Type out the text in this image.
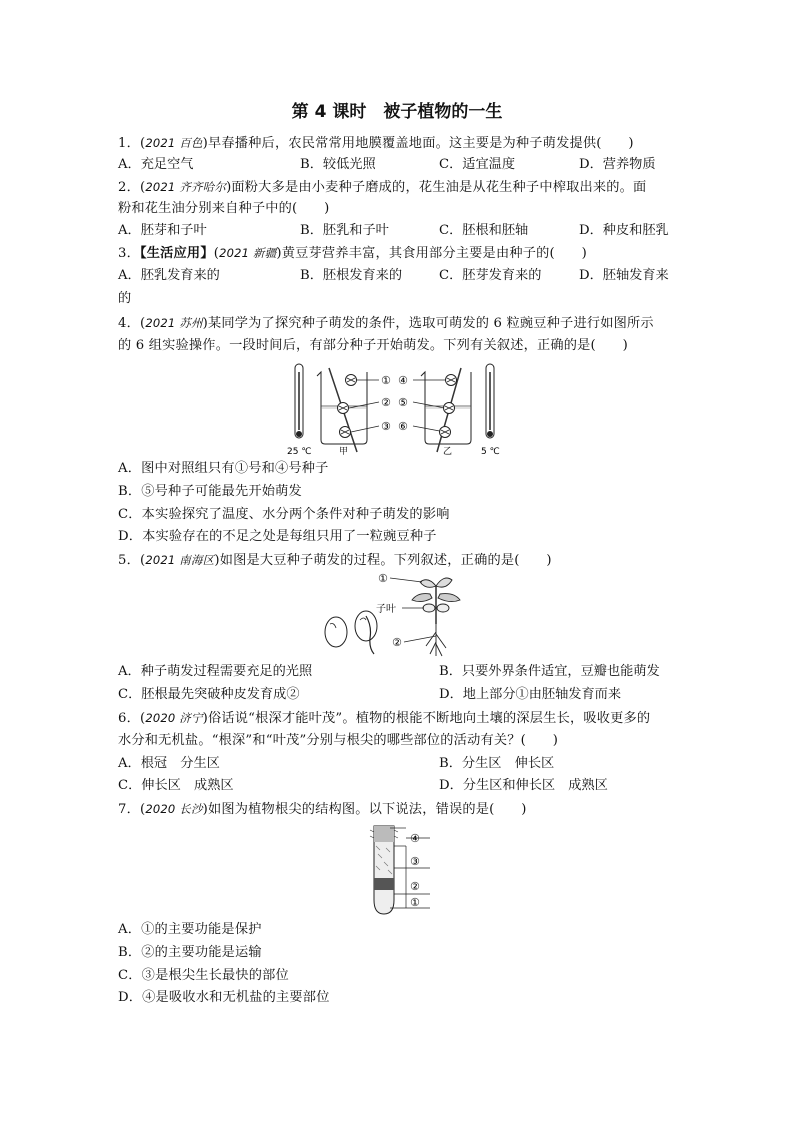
第 4 课时　被子植物的一生
1．(2021 百色)早春播种后，农民常常用地膜覆盖地面。这主要是为种子萌发提供(　　)
A．充足空气	B．较低光照	C．适宜温度	D．营养物质
2．(2021 齐齐哈尔)面粉大多是由小麦种子磨成的，花生油是从花生种子中榨取出来的。面
粉和花生油分别来自种子中的(　　)
A．胚芽和子叶	B．胚乳和子叶	C．胚根和胚轴	D．种皮和胚乳
3．【生活应用】(2021 新疆)黄豆芽营养丰富，其食用部分主要是由种子的(　　)
A．胚乳发育来的	B．胚根发育来的	C．胚芽发育来的	D．胚轴发育来
的
4．(2021 苏州)某同学为了探究种子萌发的条件，选取可萌发的 6 粒豌豆种子进行如图所示
的 6 组实验操作。一段时间后，有部分种子开始萌发。下列有关叙述，正确的是(　　)
25 ℃	甲
① ④
② ⑤
③ ⑥
乙	5 ℃
A．图中对照组只有①号和④号种子
B．⑤号种子可能最先开始萌发
C．本实验探究了温度、水分两个条件对种子萌发的影响
D．本实验存在的不足之处是每组只用了一粒豌豆种子
5．(2021 南海区)如图是大豆种子萌发的过程。下列叙述，正确的是(　　)
①
子叶
②
A．种子萌发过程需要充足的光照	B．只要外界条件适宜，豆瓣也能萌发
C．胚根最先突破种皮发育成②	D．地上部分①由胚轴发育而来
6．(2020 济宁)俗话说“根深才能叶茂”。植物的根能不断地向土壤的深层生长，吸收更多的
水分和无机盐。“根深”和“叶茂”分别与根尖的哪些部位的活动有关？(　　)
A．根冠　分生区	B．分生区　伸长区
C．伸长区　成熟区	D．分生区和伸长区　成熟区
7．(2020 长沙)如图为植物根尖的结构图。以下说法，错误的是(　　)
④
③
②
①
A．①的主要功能是保护
B．②的主要功能是运输
C．③是根尖生长最快的部位
D．④是吸收水和无机盐的主要部位
